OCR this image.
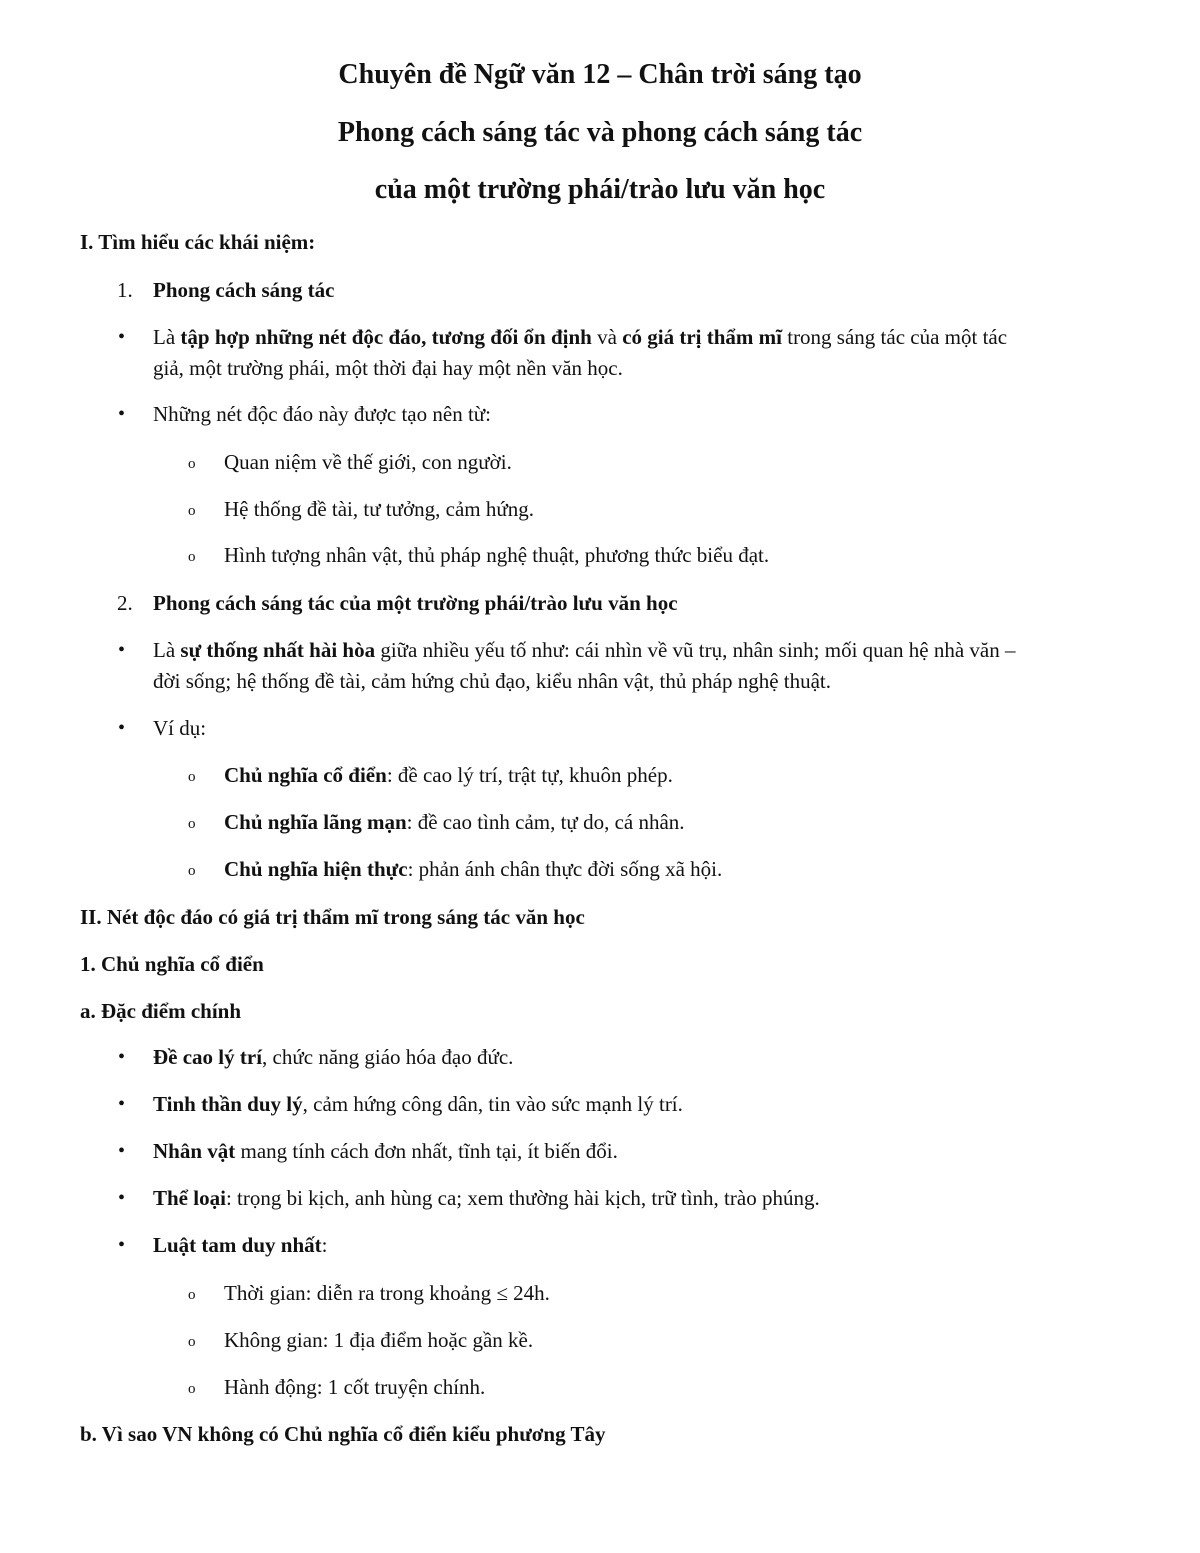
Chuyên đề Ngữ văn 12 – Chân trời sáng tạo
Phong cách sáng tác và phong cách sáng tác
của một trường phái/trào lưu văn học
I. Tìm hiểu các khái niệm:
1. Phong cách sáng tác
• Là tập hợp những nét độc đáo, tương đối ổn định và có giá trị thẩm mĩ trong sáng tác của một tác
giả, một trường phái, một thời đại hay một nền văn học.
• Những nét độc đáo này được tạo nên từ:
o Quan niệm về thế giới, con người.
o Hệ thống đề tài, tư tưởng, cảm hứng.
o Hình tượng nhân vật, thủ pháp nghệ thuật, phương thức biểu đạt.
2. Phong cách sáng tác của một trường phái/trào lưu văn học
• Là sự thống nhất hài hòa giữa nhiều yếu tố như: cái nhìn về vũ trụ, nhân sinh; mối quan hệ nhà văn –
đời sống; hệ thống đề tài, cảm hứng chủ đạo, kiểu nhân vật, thủ pháp nghệ thuật.
• Ví dụ:
o Chủ nghĩa cổ điển: đề cao lý trí, trật tự, khuôn phép.
o Chủ nghĩa lãng mạn: đề cao tình cảm, tự do, cá nhân.
o Chủ nghĩa hiện thực: phản ánh chân thực đời sống xã hội.
II. Nét độc đáo có giá trị thẩm mĩ trong sáng tác văn học
1. Chủ nghĩa cổ điển
a. Đặc điểm chính
• Đề cao lý trí, chức năng giáo hóa đạo đức.
• Tinh thần duy lý, cảm hứng công dân, tin vào sức mạnh lý trí.
• Nhân vật mang tính cách đơn nhất, tĩnh tại, ít biến đổi.
• Thể loại: trọng bi kịch, anh hùng ca; xem thường hài kịch, trữ tình, trào phúng.
• Luật tam duy nhất:
o Thời gian: diễn ra trong khoảng ≤ 24h.
o Không gian: 1 địa điểm hoặc gần kề.
o Hành động: 1 cốt truyện chính.
b. Vì sao VN không có Chủ nghĩa cổ điển kiểu phương Tây
